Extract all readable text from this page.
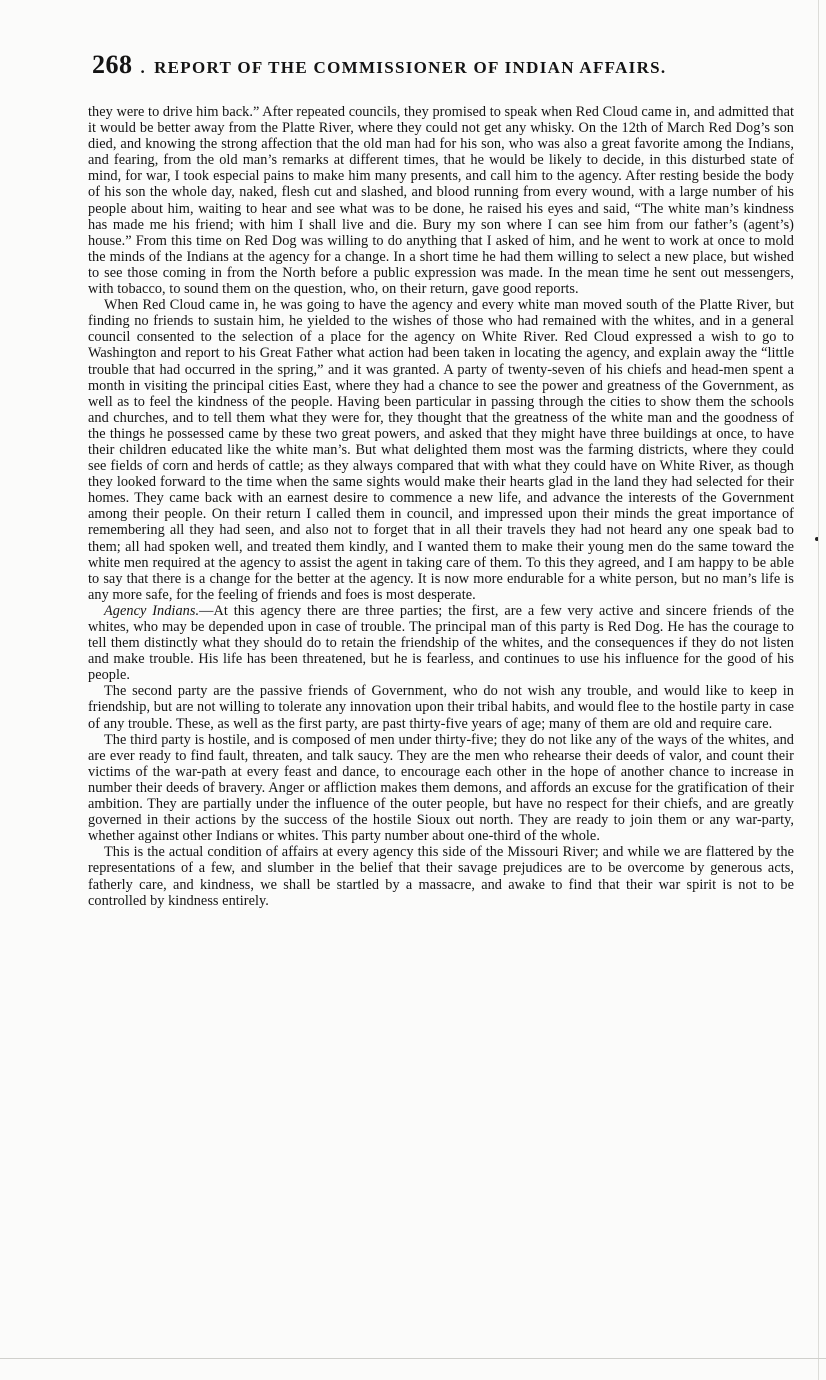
268 . REPORT OF THE COMMISSIONER OF INDIAN AFFAIRS.

they were to drive him back.” After repeated councils, they promised to speak when Red Cloud came in, and admitted that it would be better away from the Platte River, where they could not get any whisky. On the 12th of March Red Dog’s son died, and knowing the strong affection that the old man had for his son, who was also a great favorite among the Indians, and fearing, from the old man’s remarks at different times, that he would be likely to decide, in this disturbed state of mind, for war, I took especial pains to make him many presents, and call him to the agency. After resting beside the body of his son the whole day, naked, flesh cut and slashed, and blood running from every wound, with a large number of his people about him, waiting to hear and see what was to be done, he raised his eyes and said, “The white man’s kindness has made me his friend; with him I shall live and die. Bury my son where I can see him from our father’s (agent’s) house.” From this time on Red Dog was willing to do anything that I asked of him, and he went to work at once to mold the minds of the Indians at the agency for a change. In a short time he had them willing to select a new place, but wished to see those coming in from the North before a public expression was made. In the mean time he sent out messengers, with tobacco, to sound them on the question, who, on their return, gave good reports.

When Red Cloud came in, he was going to have the agency and every white man moved south of the Platte River, but finding no friends to sustain him, he yielded to the wishes of those who had remained with the whites, and in a general council consented to the selection of a place for the agency on White River. Red Cloud expressed a wish to go to Washington and report to his Great Father what action had been taken in locating the agency, and explain away the “little trouble that had occurred in the spring,” and it was granted. A party of twenty-seven of his chiefs and head-men spent a month in visiting the principal cities East, where they had a chance to see the power and greatness of the Government, as well as to feel the kindness of the people. Having been particular in passing through the cities to show them the schools and churches, and to tell them what they were for, they thought that the greatness of the white man and the goodness of the things he possessed came by these two great powers, and asked that they might have three buildings at once, to have their children educated like the white man’s. But what delighted them most was the farming districts, where they could see fields of corn and herds of cattle; as they always compared that with what they could have on White River, as though they looked forward to the time when the same sights would make their hearts glad in the land they had selected for their homes. They came back with an earnest desire to commence a new life, and advance the interests of the Government among their people. On their return I called them in council, and impressed upon their minds the great importance of remembering all they had seen, and also not to forget that in all their travels they had not heard any one speak bad to them; all had spoken well, and treated them kindly, and I wanted them to make their young men do the same toward the white men required at the agency to assist the agent in taking care of them. To this they agreed, and I am happy to be able to say that there is a change for the better at the agency. It is now more endurable for a white person, but no man’s life is any more safe, for the feeling of friends and foes is most desperate.

Agency Indians.—At this agency there are three parties; the first, are a few very active and sincere friends of the whites, who may be depended upon in case of trouble. The principal man of this party is Red Dog. He has the courage to tell them distinctly what they should do to retain the friendship of the whites, and the consequences if they do not listen and make trouble. His life has been threatened, but he is fearless, and continues to use his influence for the good of his people.

The second party are the passive friends of Government, who do not wish any trouble, and would like to keep in friendship, but are not willing to tolerate any innovation upon their tribal habits, and would flee to the hostile party in case of any trouble. These, as well as the first party, are past thirty-five years of age; many of them are old and require care.

The third party is hostile, and is composed of men under thirty-five; they do not like any of the ways of the whites, and are ever ready to find fault, threaten, and talk saucy. They are the men who rehearse their deeds of valor, and count their victims of the war-path at every feast and dance, to encourage each other in the hope of another chance to increase in number their deeds of bravery. Anger or affliction makes them demons, and affords an excuse for the gratification of their ambition. They are partially under the influence of the outer people, but have no respect for their chiefs, and are greatly governed in their actions by the success of the hostile Sioux out north. They are ready to join them or any war-party, whether against other Indians or whites. This party number about one-third of the whole.

This is the actual condition of affairs at every agency this side of the Missouri River; and while we are flattered by the representations of a few, and slumber in the belief that their savage prejudices are to be overcome by generous acts, fatherly care, and kindness, we shall be startled by a massacre, and awake to find that their war spirit is not to be controlled by kindness entirely.
